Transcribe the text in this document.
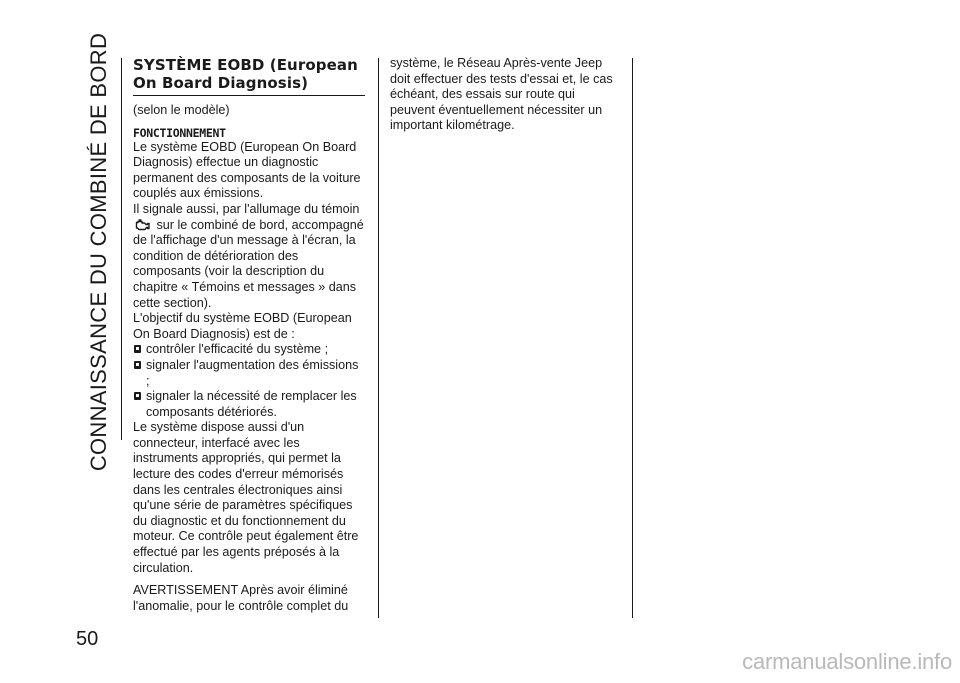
CONNAISSANCE DU COMBINÉ DE BORD
50
SYSTÈME EOBD (European On Board Diagnosis)

(selon le modèle)

FONCTIONNEMENT

Le système EOBD (European On Board Diagnosis) effectue un diagnostic permanent des composants de la voiture couplés aux émissions.

Il signale aussi, par l'allumage du témoin  sur le combiné de bord, accompagné de l'affichage d'un message à l'écran, la condition de détérioration des composants (voir la description du chapitre « Témoins et messages » dans cette section).

L'objectif du système EOBD (European On Board Diagnosis) est de :

contrôler l'efficacité du système ;
signaler l'augmentation des émissions ;
signaler la nécessité de remplacer les composants détériorés.

Le système dispose aussi d'un connecteur, interfacé avec les instruments appropriés, qui permet la lecture des codes d'erreur mémorisés dans les centrales électroniques ainsi qu'une série de paramètres spécifiques du diagnostic et du fonctionnement du moteur. Ce contrôle peut également être effectué par les agents préposés à la circulation.

AVERTISSEMENT Après avoir éliminé l'anomalie, pour le contrôle complet du

système, le Réseau Après-vente Jeep doit effectuer des tests d'essai et, le cas échéant, des essais sur route qui peuvent éventuellement nécessiter un important kilométrage.

carmanualsonline.info
